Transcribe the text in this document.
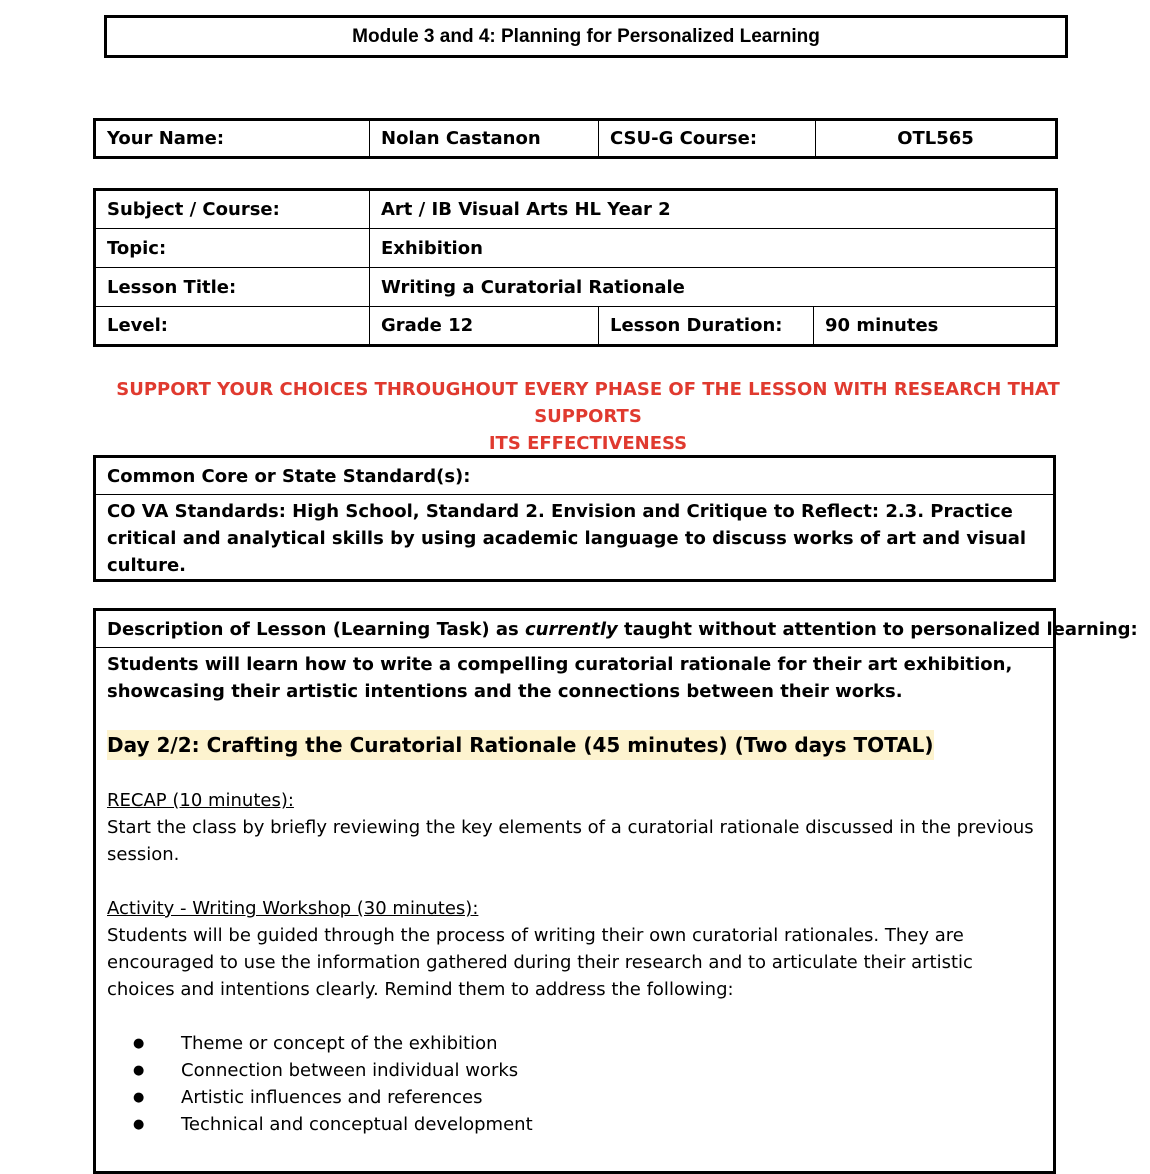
Module 3 and 4: Planning for Personalized Learning
Your Name:	Nolan Castanon	CSU-G Course:	OTL565
Subject / Course:	Art / IB Visual Arts HL Year 2		
Topic:	Exhibition		
Lesson Title:	Writing a Curatorial Rationale		
Level:	Grade 12	Lesson Duration:	90 minutes
SUPPORT YOUR CHOICES THROUGHOUT EVERY PHASE OF THE LESSON WITH RESEARCH THAT SUPPORTS
ITS EFFECTIVENESS
Common Core or State Standard(s):
CO VA Standards: High School, Standard 2. Envision and Critique to Reflect: 2.3. Practice critical and analytical skills by using academic language to discuss works of art and visual culture.
Description of Lesson (Learning Task) as currently taught without attention to personalized learning:
Students will learn how to write a compelling curatorial rationale for their art exhibition, showcasing their artistic intentions and the connections between their works.
Day 2/2: Crafting the Curatorial Rationale (45 minutes) (Two days TOTAL)
RECAP (10 minutes):
Start the class by briefly reviewing the key elements of a curatorial rationale discussed in the previous session.
Activity - Writing Workshop (30 minutes):
Students will be guided through the process of writing their own curatorial rationales. They are encouraged to use the information gathered during their research and to articulate their artistic choices and intentions clearly. Remind them to address the following:
● Theme or concept of the exhibition
● Connection between individual works
● Artistic influences and references
● Technical and conceptual development
